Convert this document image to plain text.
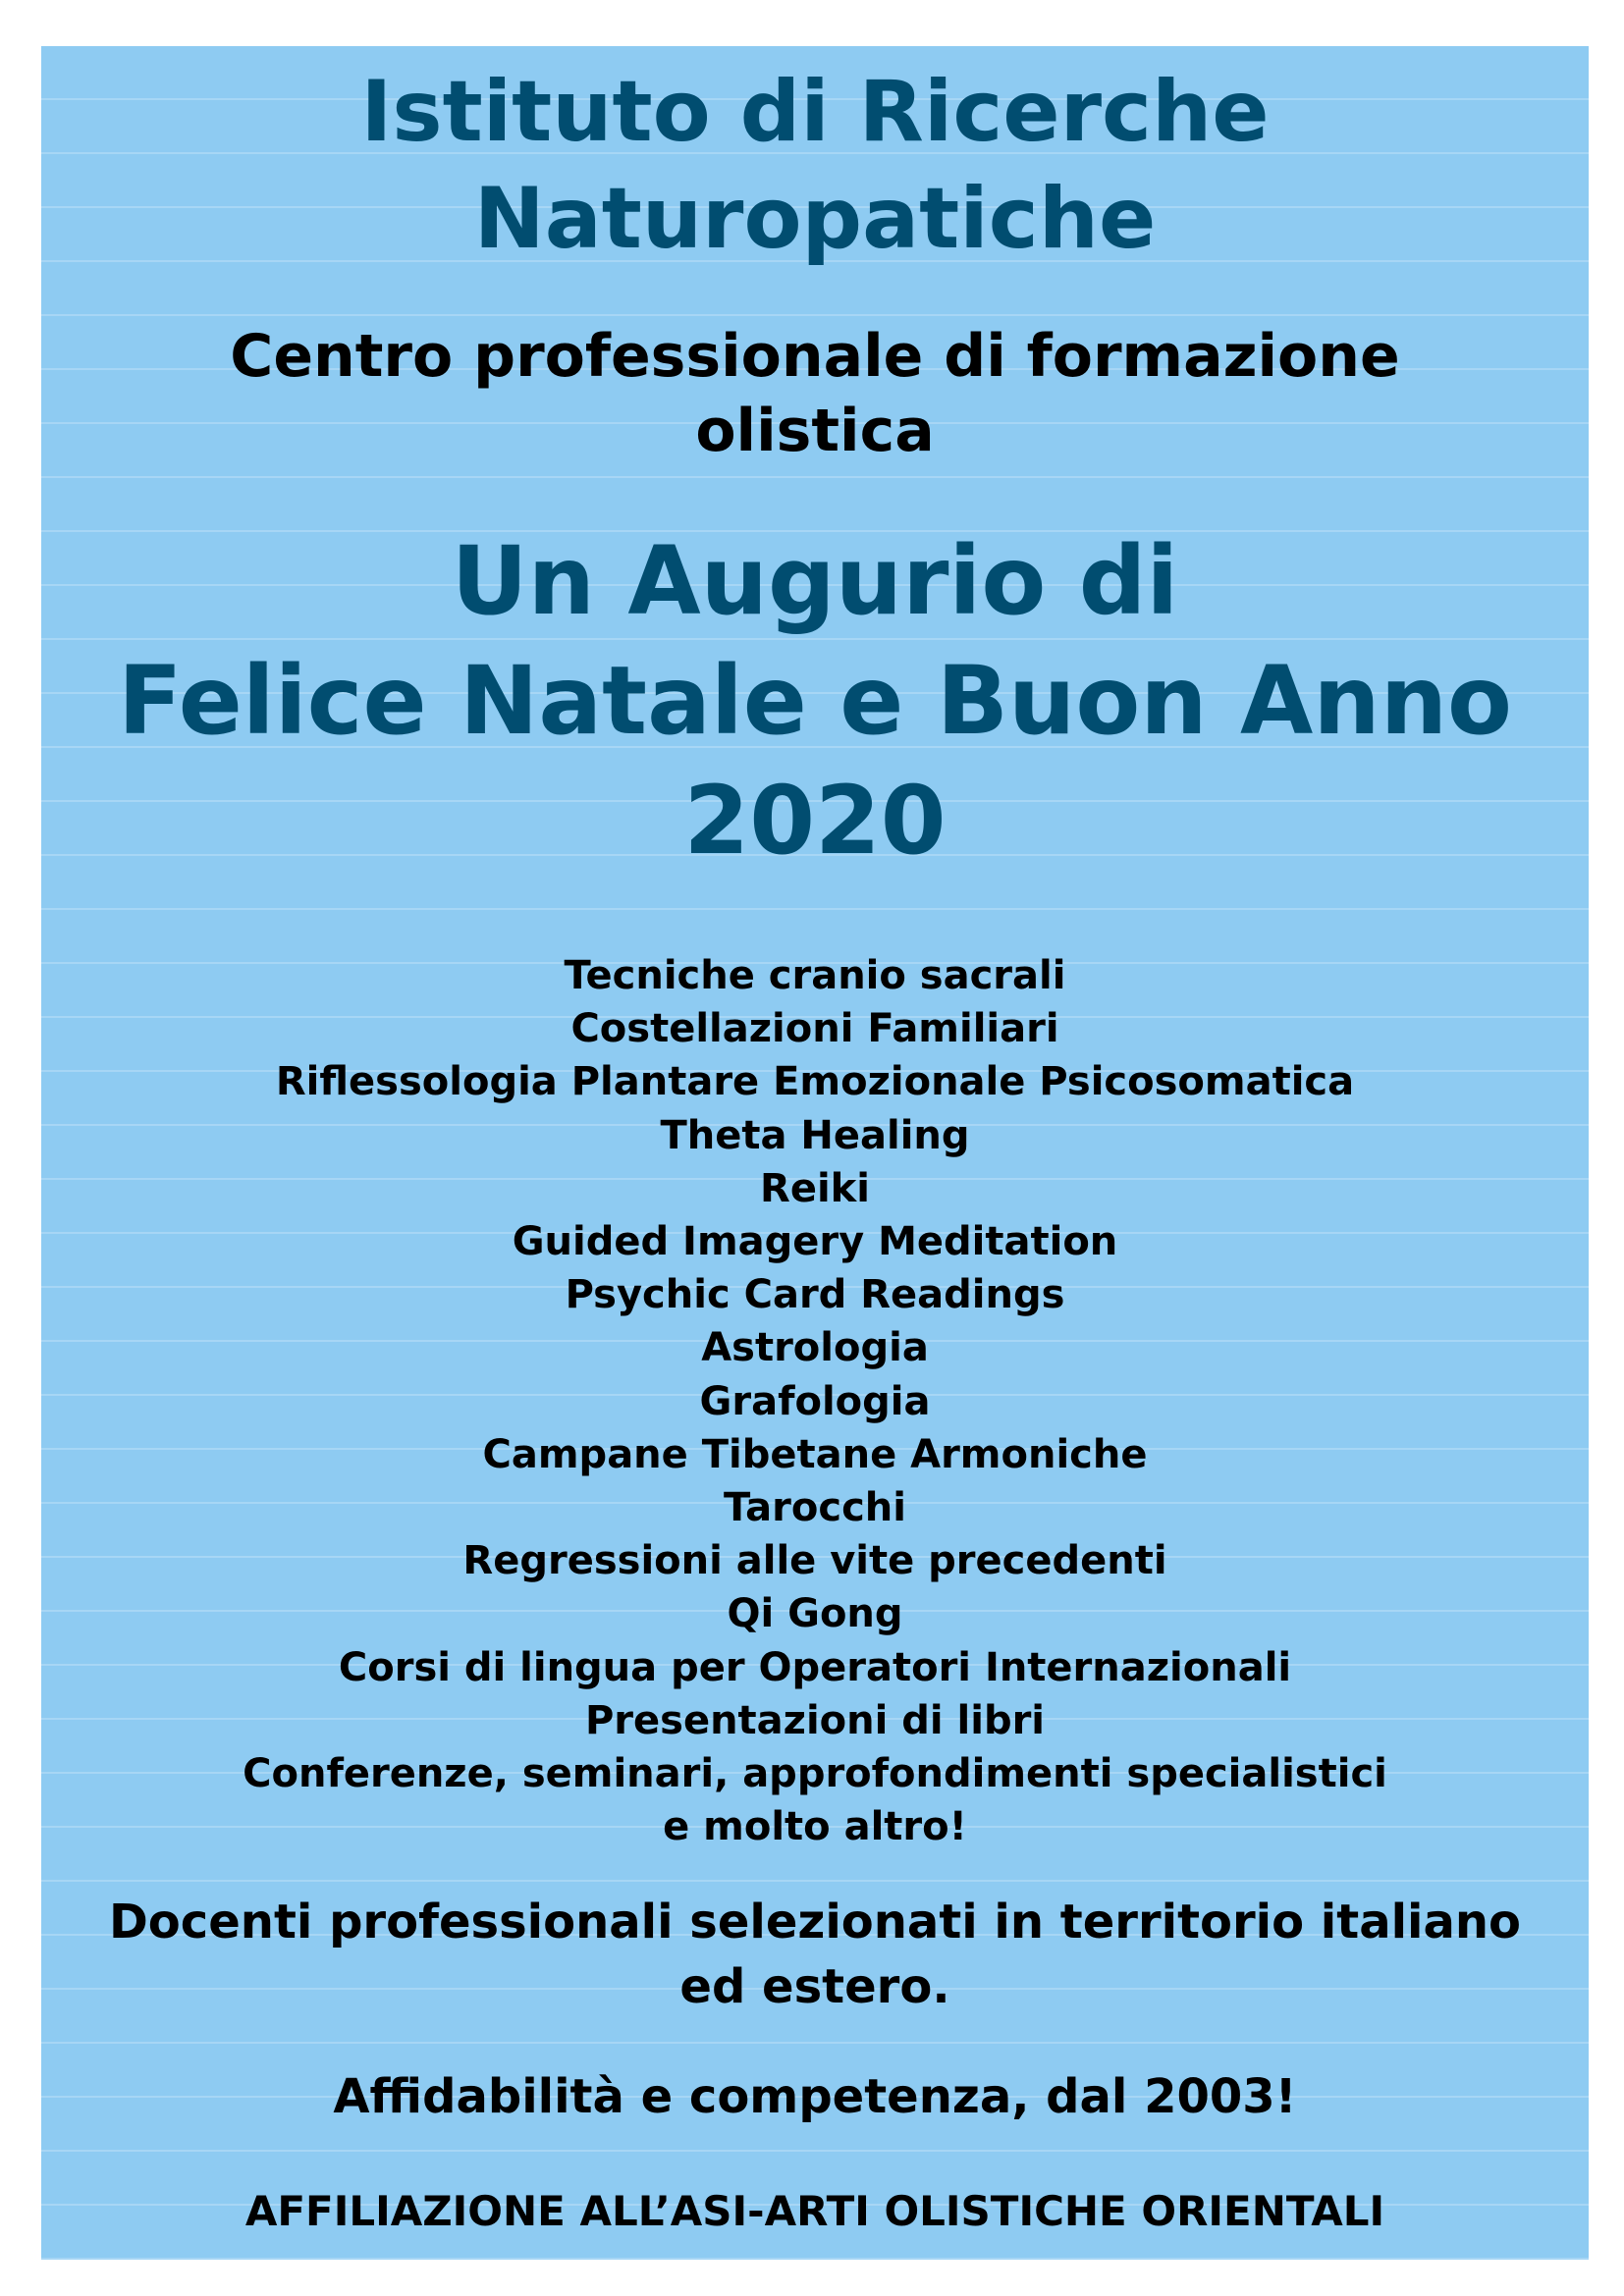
Istituto di Ricerche
Naturopatiche
Centro professionale di formazione
olistica
Un Augurio di
Felice Natale e Buon Anno
2020
Tecniche cranio sacrali
Costellazioni Familiari
Riflessologia Plantare Emozionale Psicosomatica
Theta Healing
Reiki
Guided Imagery Meditation
Psychic Card Readings
Astrologia
Grafologia
Campane Tibetane Armoniche
Tarocchi
Regressioni alle vite precedenti
Qi Gong
Corsi di lingua per Operatori Internazionali
Presentazioni di libri
Conferenze, seminari, approfondimenti specialistici
e molto altro!
Docenti professionali selezionati in territorio italiano
ed estero.
Affidabilità e competenza, dal 2003!
AFFILIAZIONE ALL’ASI-ARTI OLISTICHE ORIENTALI
